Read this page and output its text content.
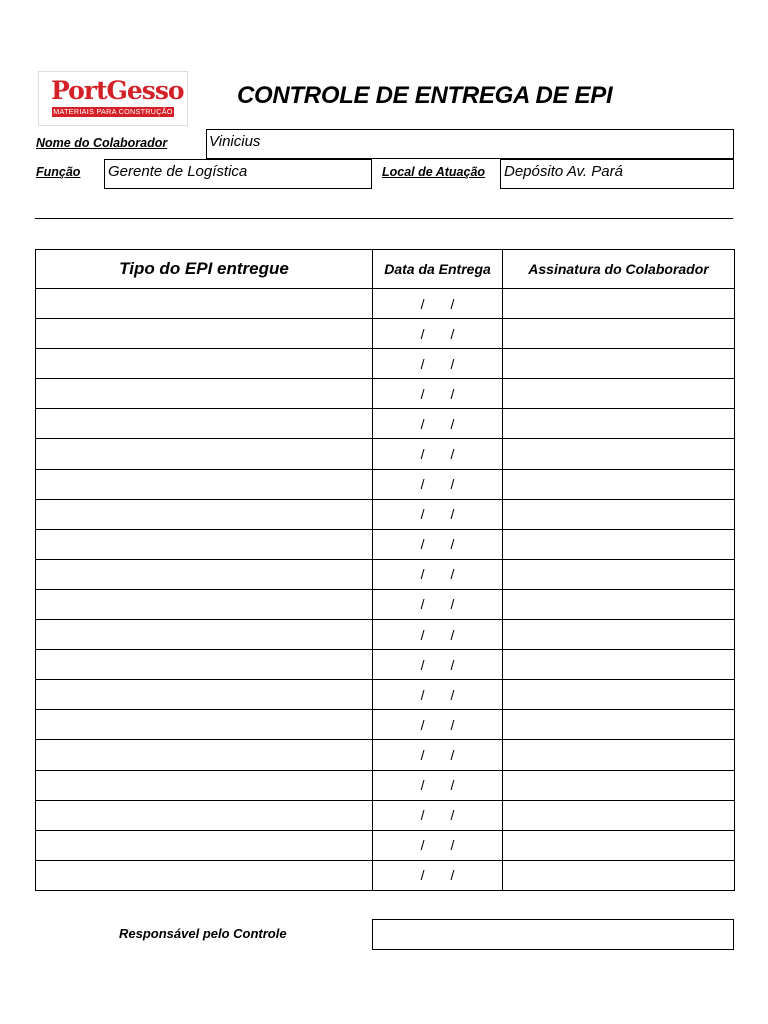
PortGesso
MATERIAIS PARA CONSTRUÇÃO
CONTROLE DE ENTREGA DE EPI
Nome do Colaborador	Vinicius
Função Gerente de Logística	Local de Atuação Depósito Av. Pará
Tipo do EPI entregue	Data da Entrega	Assinatura do Colaborador
	/ /	
	/ /	
	/ /	
	/ /	
	/ /	
	/ /	
	/ /	
	/ /	
	/ /	
	/ /	
	/ /	
	/ /	
	/ /	
	/ /	
	/ /	
	/ /	
	/ /	
	/ /	
	/ /	
	/ /	
Responsável pelo Controle
